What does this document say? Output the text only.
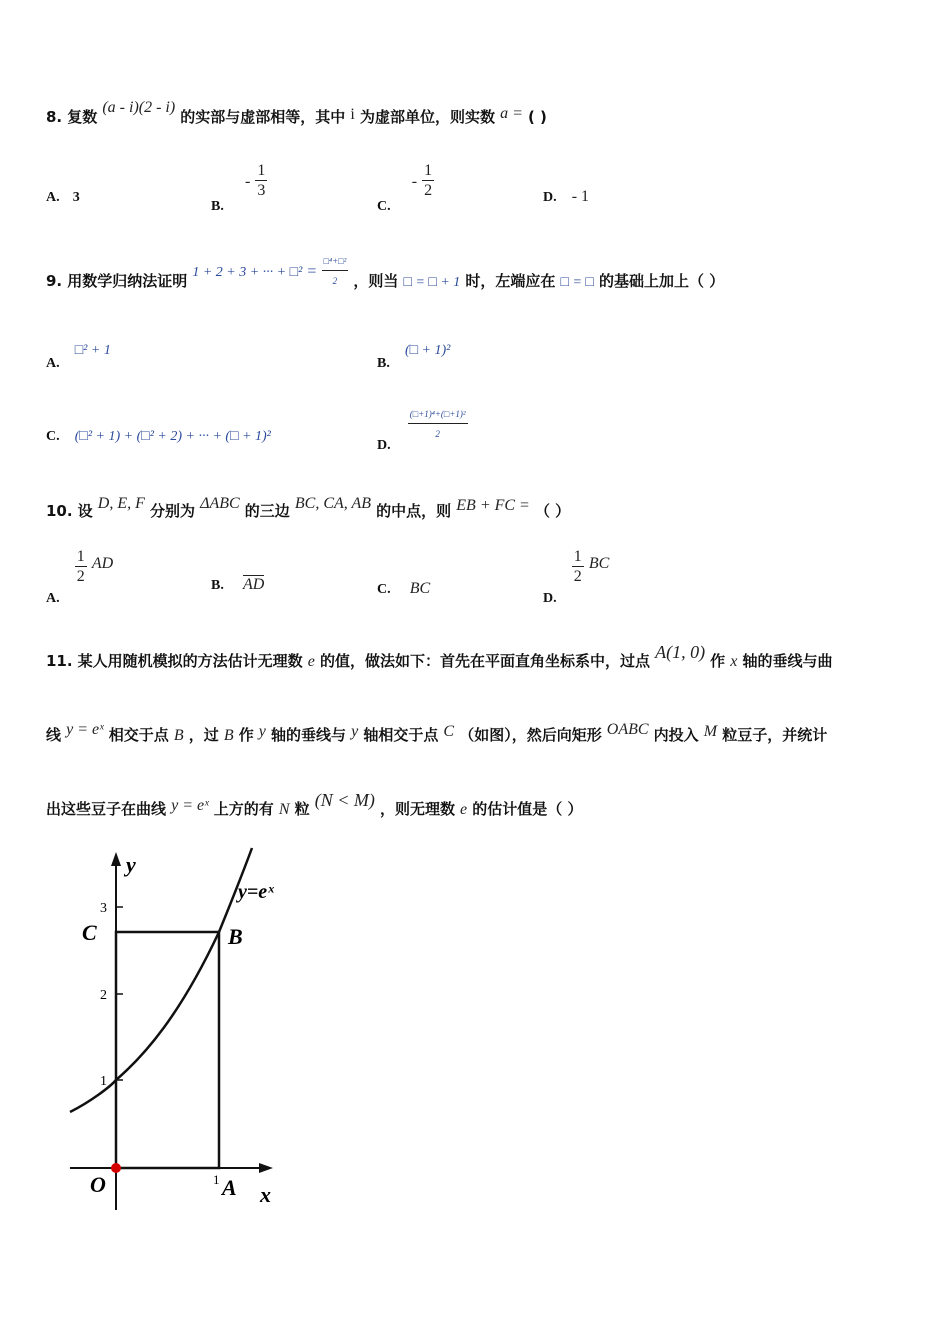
8. 复数 (a - i)(2 - i) 的实部与虚部相等，其中 i 为虚部单位，则实数 a = ( )
A. 3
B. - $\frac{1}{3}$
C. - $\frac{1}{2}$	D. - 1
9. 用数学归纳法证明 1 + 2 + 3 + ··· + □² = $\frac{\text{□⁴+□²}}{2}$ ，则当 □ = □ + 1 时，左端应在 □ = □ 的基础上加上（ ）
A. □² + 1
B. (□ + 1)²
C. (□² + 1) + (□² + 2) + ··· + (□ + 1)²
D.
$\frac{\text{(□+1)⁴+(□+1)²}}{2}$
10. 设 D, E, F 分别为 ΔABC 的三边 BC, CA, AB 的中点，则 EB + FC = （ ）
A.
$\frac{1}{2}$ AD
B. AD	C. BC
D.
$\frac{1}{2}$ BC
11. 某人用随机模拟的方法估计无理数 e 的值，做法如下：首先在平面直角坐标系中，过点 A(1, 0) 作 x 轴的垂线与曲
线 y = eˣ 相交于点 B ，过 B 作 y 轴的垂线与 y 轴相交于点 C （如图），然后向矩形 OABC 内投入 M 粒豆子，并统计
出这些豆子在曲线 y = eˣ 上方的有 N 粒 (N < M) ，则无理数 e 的估计值是（ ）
y
x
y=eˣ
O	A
B
C
1
2
3
1
